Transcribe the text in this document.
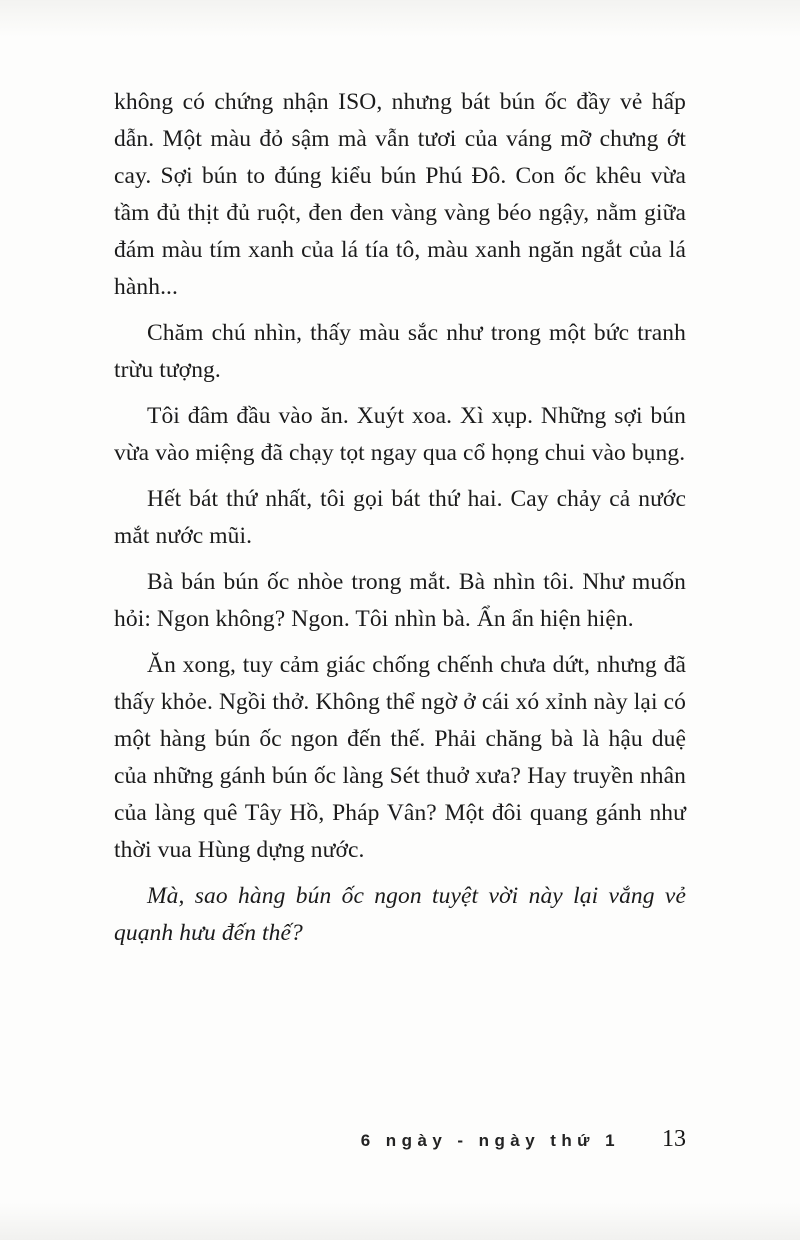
không có chứng nhận ISO, nhưng bát bún ốc đầy vẻ hấp dẫn. Một màu đỏ sậm mà vẫn tươi của váng mỡ chưng ớt cay. Sợi bún to đúng kiểu bún Phú Đô. Con ốc khêu vừa tầm đủ thịt đủ ruột, đen đen vàng vàng béo ngậy, nằm giữa đám màu tím xanh của lá tía tô, màu xanh ngăn ngắt của lá hành...

Chăm chú nhìn, thấy màu sắc như trong một bức tranh trừu tượng.

Tôi đâm đầu vào ăn. Xuýt xoa. Xì xụp. Những sợi bún vừa vào miệng đã chạy tọt ngay qua cổ họng chui vào bụng.

Hết bát thứ nhất, tôi gọi bát thứ hai. Cay chảy cả nước mắt nước mũi.

Bà bán bún ốc nhòe trong mắt. Bà nhìn tôi. Như muốn hỏi: Ngon không? Ngon. Tôi nhìn bà. Ẩn ẩn hiện hiện.

Ăn xong, tuy cảm giác chống chếnh chưa dứt, nhưng đã thấy khỏe. Ngồi thở. Không thể ngờ ở cái xó xỉnh này lại có một hàng bún ốc ngon đến thế. Phải chăng bà là hậu duệ của những gánh bún ốc làng Sét thuở xưa? Hay truyền nhân của làng quê Tây Hồ, Pháp Vân? Một đôi quang gánh như thời vua Hùng dựng nước.

Mà, sao hàng bún ốc ngon tuyệt vời này lại vắng vẻ quạnh hưu đến thế?

6 ngày - ngày thứ 1 13
